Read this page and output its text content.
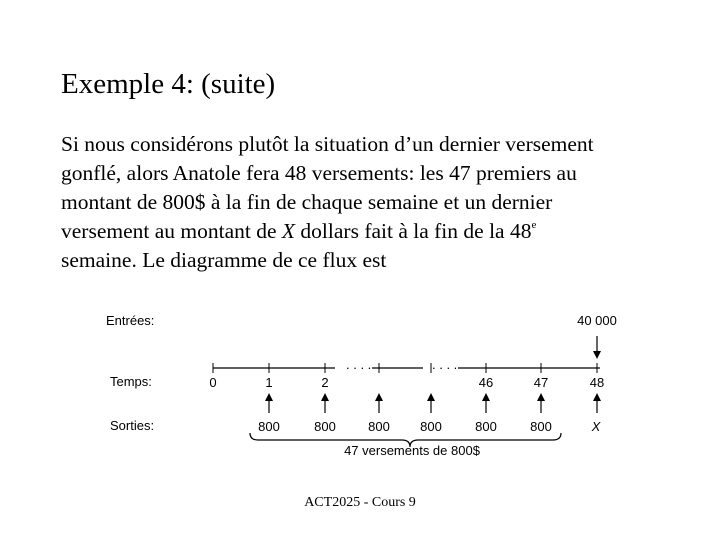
Exemple 4: (suite)
Si nous considérons plutôt la situation d’un dernier versement
gonflé, alors Anatole fera 48 versements: les 47 premiers au
montant de 800$ à la fin de chaque semaine et un dernier
versement au montant de X dollars fait à la fin de la 48e
semaine. Le diagramme de ce flux est
Entrées:
Temps:
Sorties:
40 000
. . . .	. . . .
0	1	2	46	47	48
800	800 800 800	800	800	X
47 versements de 800$
ACT2025 - Cours 9
